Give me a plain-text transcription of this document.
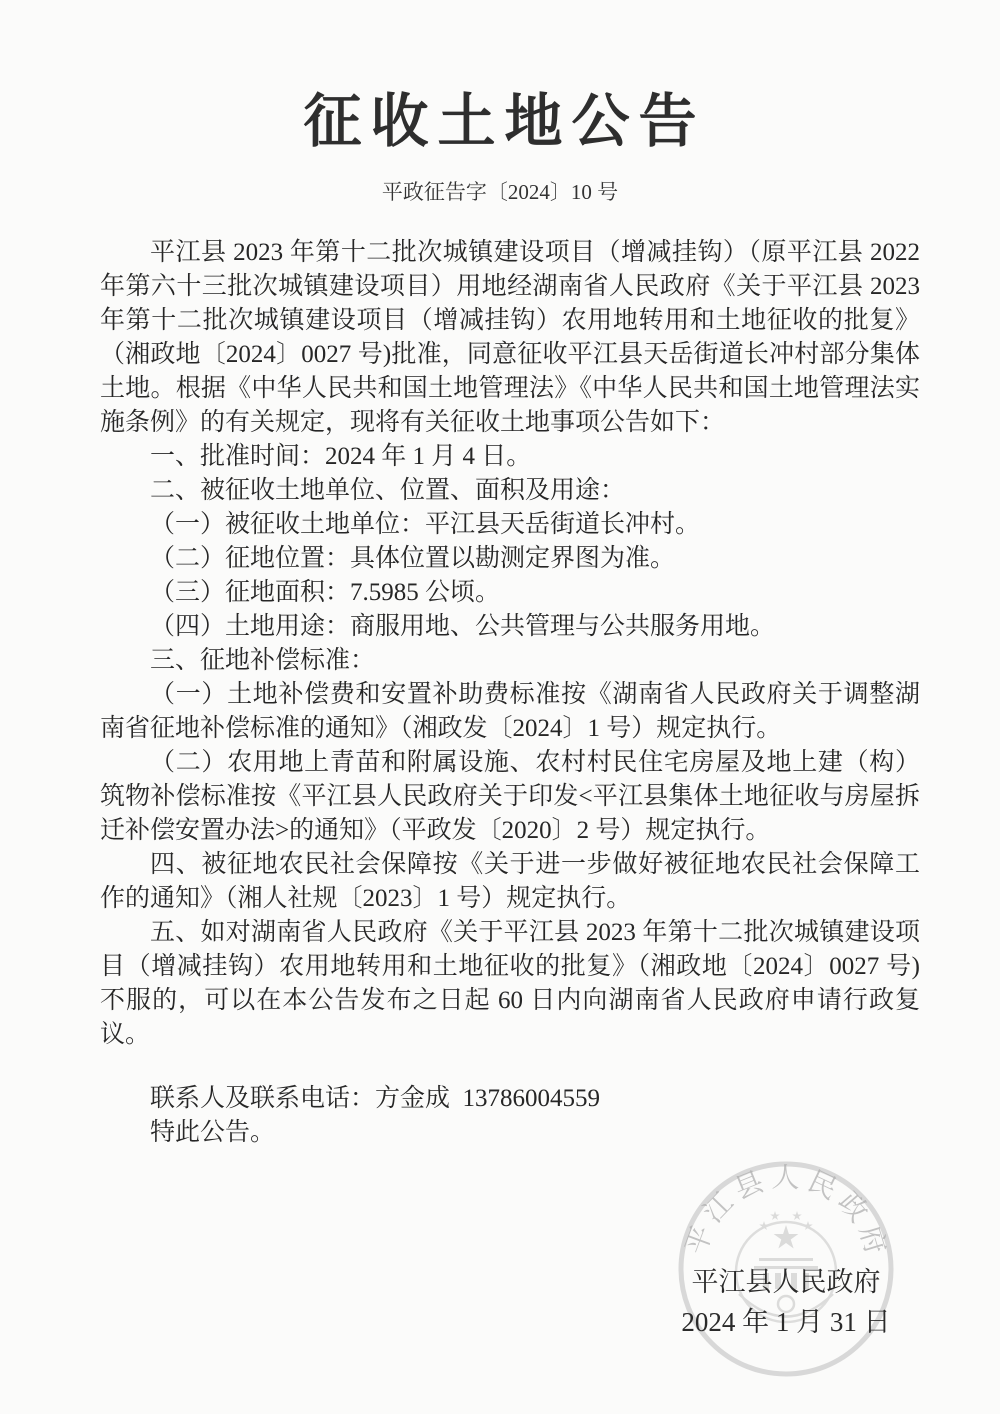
征收土地公告
平政征告字〔2024〕10 号

平江县 2023 年第十二批次城镇建设项目（增减挂钩）（原平江县 2022 年第六十三批次城镇建设项目）用地经湖南省人民政府《关于平江县 2023 年第十二批次城镇建设项目（增减挂钩）农用地转用和土地征收的批复》（湘政地〔2024〕0027 号)批准，同意征收平江县天岳街道长冲村部分集体土地。根据《中华人民共和国土地管理法》《中华人民共和国土地管理法实施条例》的有关规定，现将有关征收土地事项公告如下：

一、批准时间：2024 年 1 月 4 日。

二、被征收土地单位、位置、面积及用途：

（一）被征收土地单位：平江县天岳街道长冲村。

（二）征地位置：具体位置以勘测定界图为准。

（三）征地面积：7.5985 公顷。

（四）土地用途：商服用地、公共管理与公共服务用地。

三、征地补偿标准：

（一）土地补偿费和安置补助费标准按《湖南省人民政府关于调整湖南省征地补偿标准的通知》（湘政发〔2024〕1 号）规定执行。

（二）农用地上青苗和附属设施、农村村民住宅房屋及地上建（构）筑物补偿标准按《平江县人民政府关于印发<平江县集体土地征收与房屋拆迁补偿安置办法>的通知》（平政发〔2020〕2 号）规定执行。

四、被征地农民社会保障按《关于进一步做好被征地农民社会保障工作的通知》（湘人社规〔2023〕1 号）规定执行。

五、如对湖南省人民政府《关于平江县 2023 年第十二批次城镇建设项目（增减挂钩）农用地转用和土地征收的批复》（湘政地〔2024〕0027 号)不服的，可以在本公告发布之日起 60 日内向湖南省人民政府申请行政复议。

联系人及联系电话：方金成  13786004559

特此公告。

平江县人民政府
平江县人民政府
2024 年 1 月 31 日
